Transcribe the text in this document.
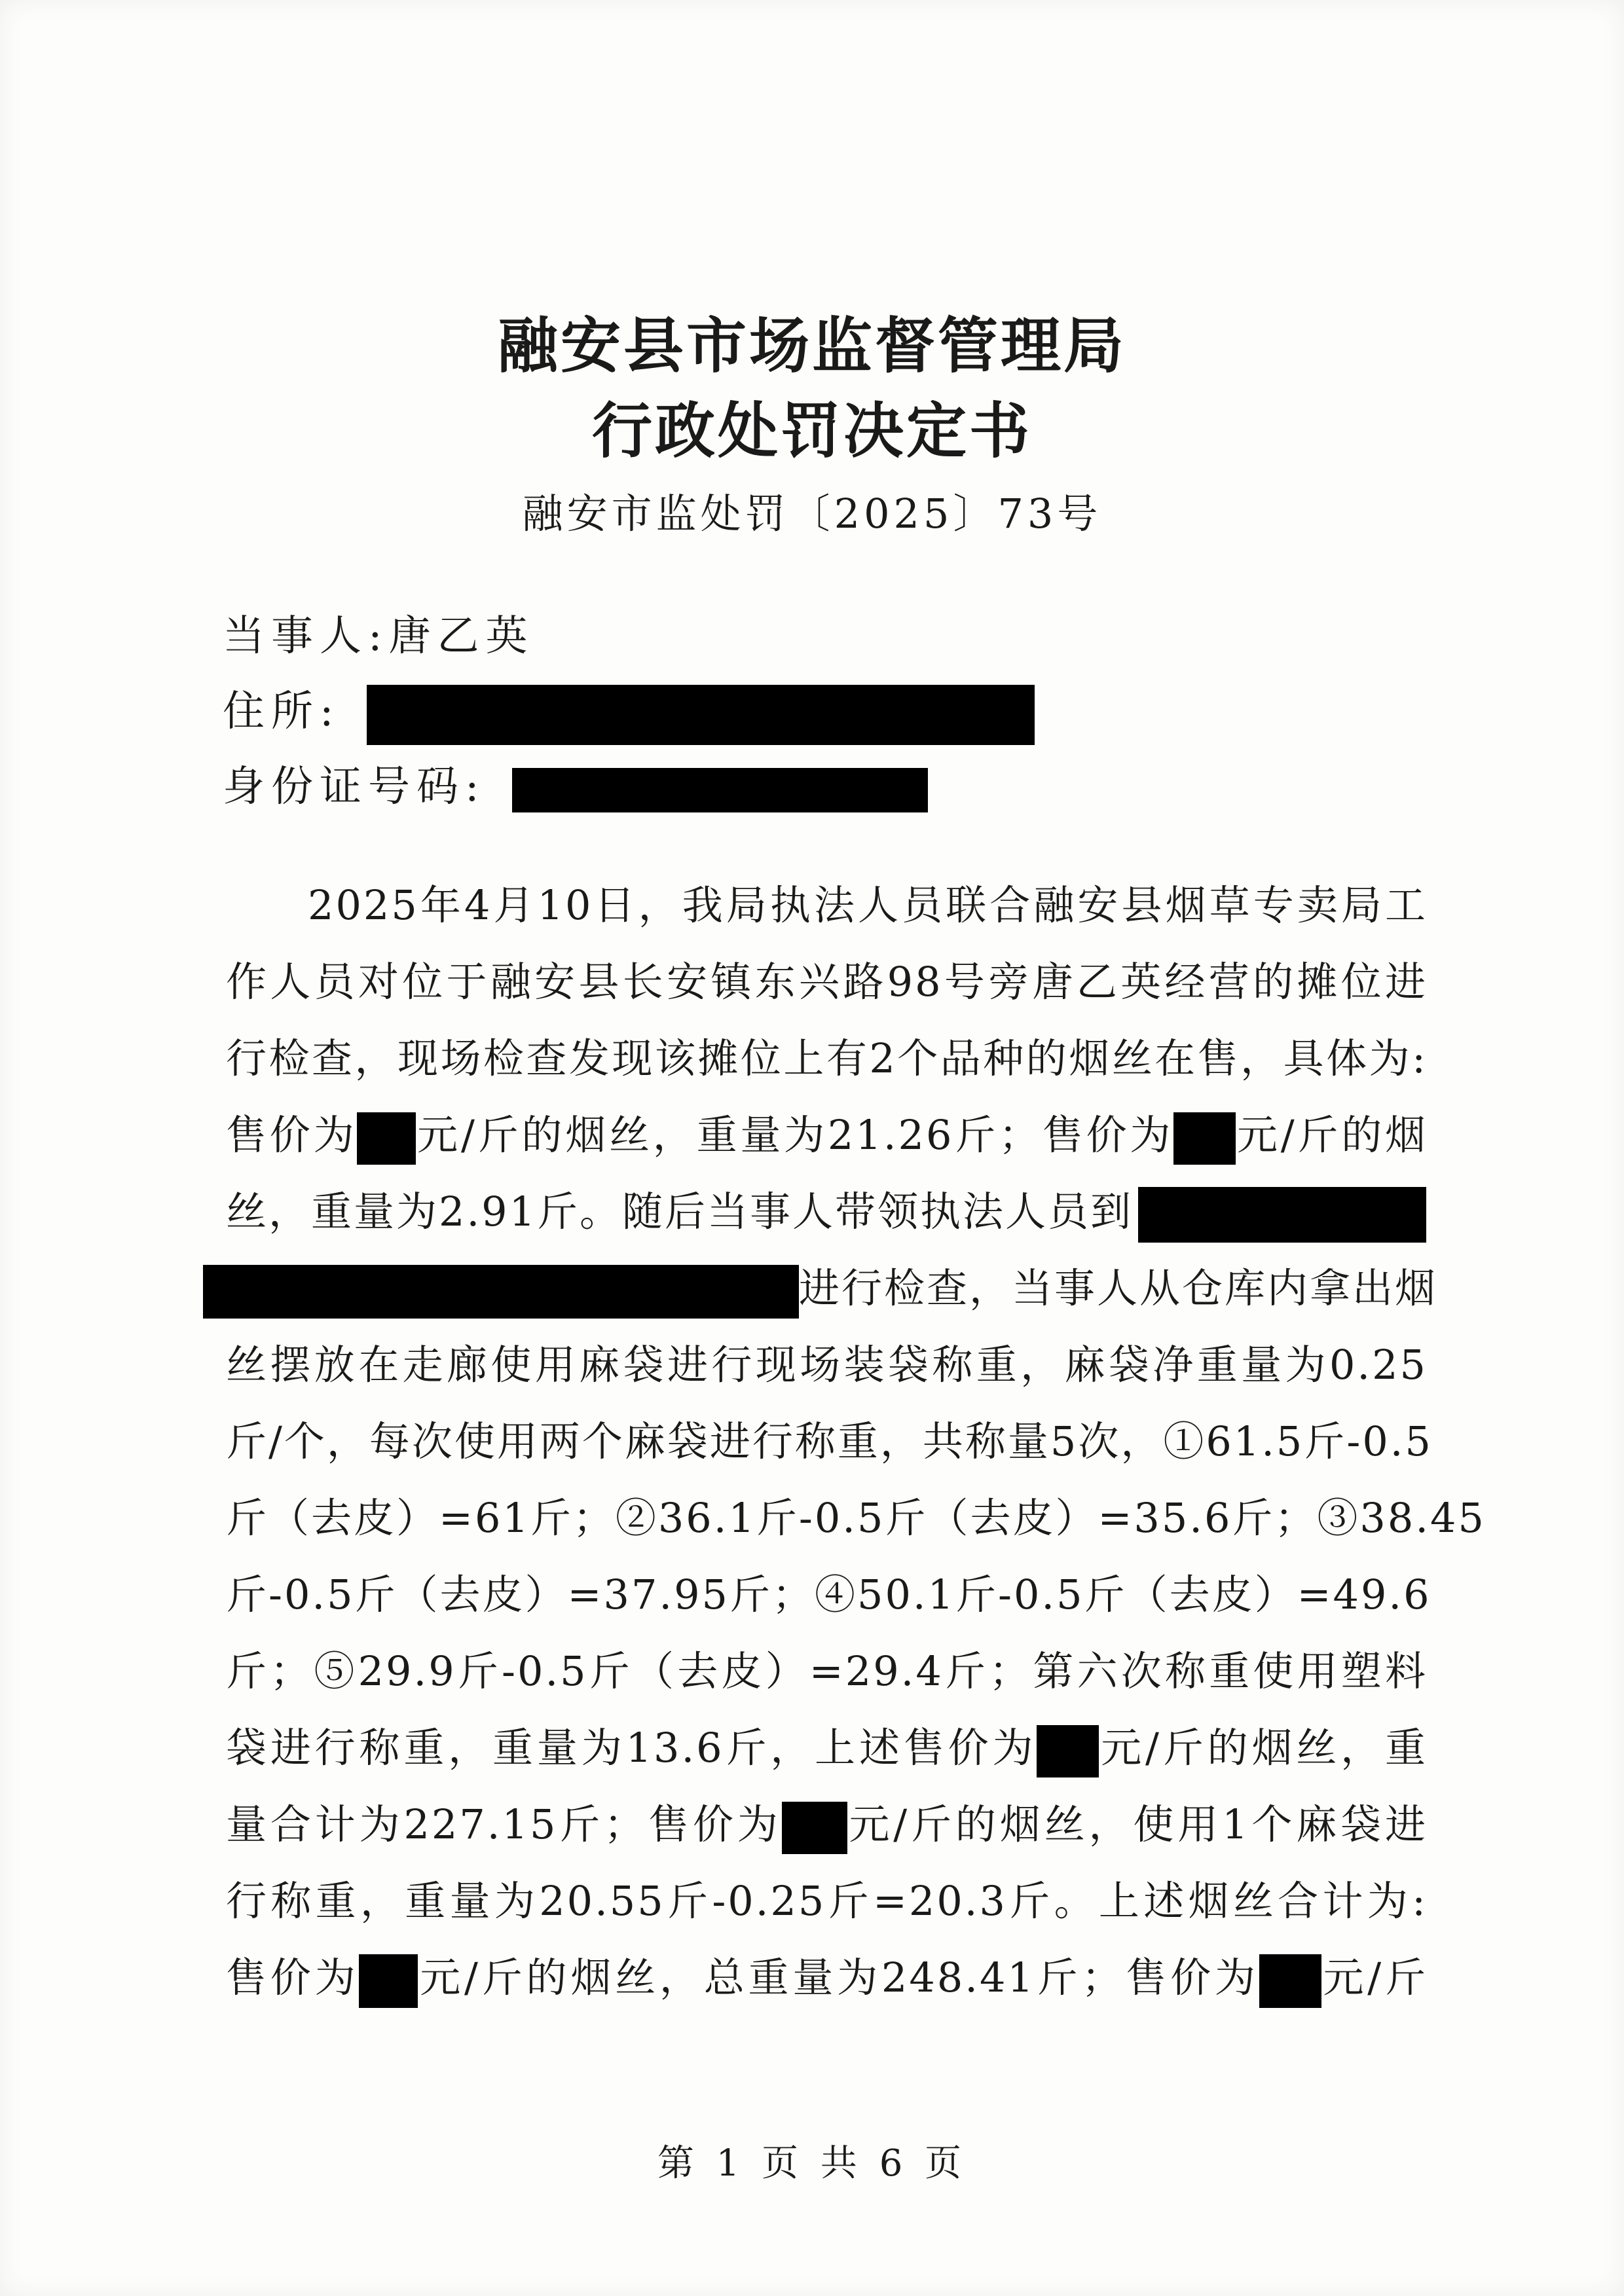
融安县市场监督管理局
行政处罚决定书
融安市监处罚〔2025〕73号
当事人:唐乙英
住所:
身份证号码:
2025年4月10日，我局执法人员联合融安县烟草专卖局工
作人员对位于融安县长安镇东兴路98号旁唐乙英经营的摊位进
行检查，现场检查发现该摊位上有2个品种的烟丝在售，具体为:
售价为 元/斤的烟丝，重量为21.26斤；售价为 元/斤的烟
丝，重量为2.91斤。随后当事人带领执法人员到
进行检查，当事人从仓库内拿出烟
丝摆放在走廊使用麻袋进行现场装袋称重，麻袋净重量为0.25
斤/个，每次使用两个麻袋进行称重，共称量5次，①61.5斤-0.5
斤（去皮）=61斤；②36.1斤-0.5斤（去皮）=35.6斤；③38.45
斤-0.5斤（去皮）=37.95斤；④50.1斤-0.5斤（去皮）=49.6
斤；⑤29.9斤-0.5斤（去皮）=29.4斤；第六次称重使用塑料
袋进行称重，重量为13.6斤，上述售价为 元/斤的烟丝，重
量合计为227.15斤；售价为 元/斤的烟丝，使用1个麻袋进
行称重，重量为20.55斤-0.25斤=20.3斤。上述烟丝合计为:
售价为 元/斤的烟丝，总重量为248.41斤；售价为 元/斤
第 1 页 共 6 页
